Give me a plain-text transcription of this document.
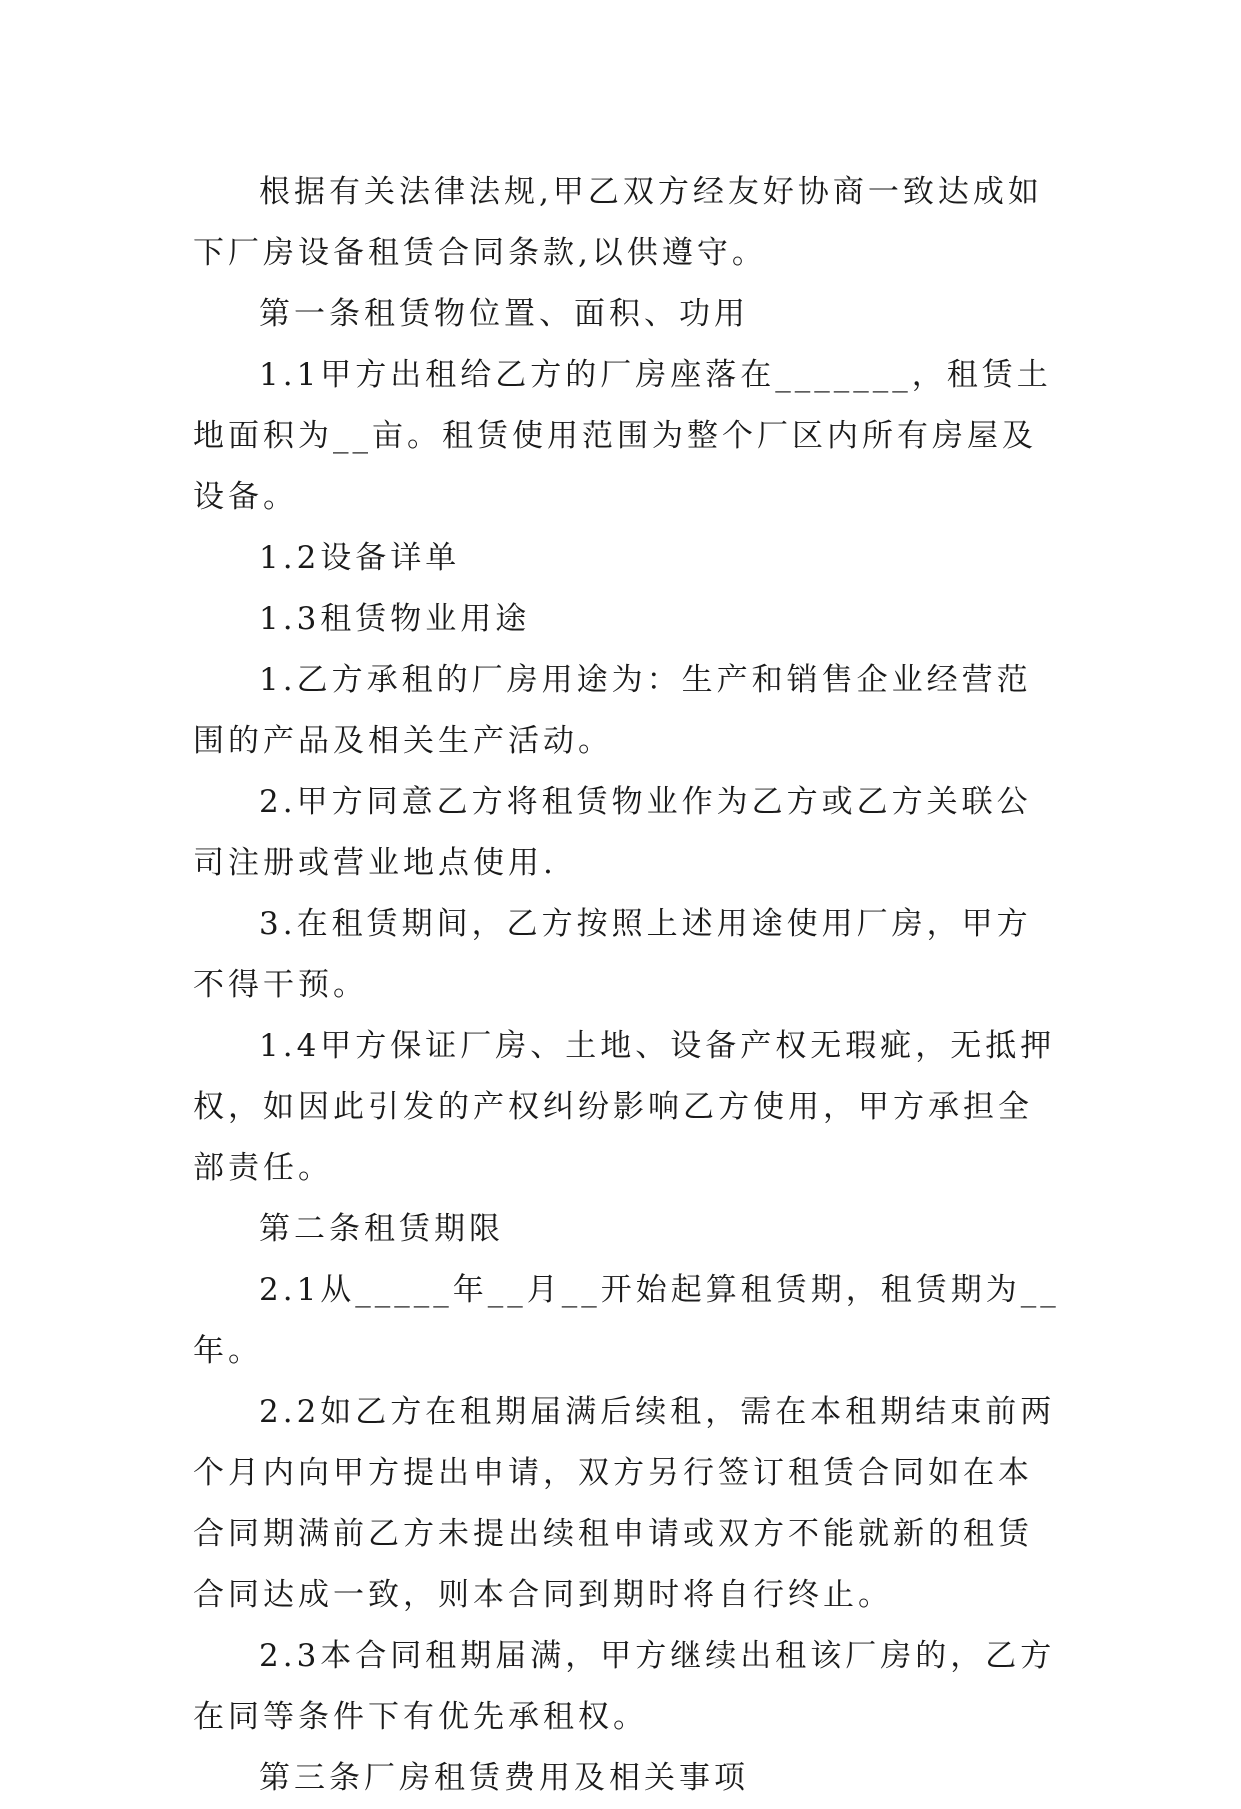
根据有关法律法规,甲乙双方经友好协商一致达成如下厂房设备租赁合同条款,以供遵守。

第一条租赁物位置、面积、功用

1.1甲方出租给乙方的厂房座落在_______，租赁土地面积为__亩。租赁使用范围为整个厂区内所有房屋及设备。

1.2设备详单

1.3租赁物业用途

1.乙方承租的厂房用途为：生产和销售企业经营范围的产品及相关生产活动。

2.甲方同意乙方将租赁物业作为乙方或乙方关联公司注册或营业地点使用.

3.在租赁期间，乙方按照上述用途使用厂房，甲方不得干预。

1.4甲方保证厂房、土地、设备产权无瑕疵，无抵押权，如因此引发的产权纠纷影响乙方使用，甲方承担全部责任。

第二条租赁期限

2.1从_____年__月__开始起算租赁期，租赁期为__年。

2.2如乙方在租期届满后续租，需在本租期结束前两个月内向甲方提出申请，双方另行签订租赁合同如在本合同期满前乙方未提出续租申请或双方不能就新的租赁合同达成一致，则本合同到期时将自行终止。

2.3本合同租期届满，甲方继续出租该厂房的，乙方在同等条件下有优先承租权。

第三条厂房租赁费用及相关事项
